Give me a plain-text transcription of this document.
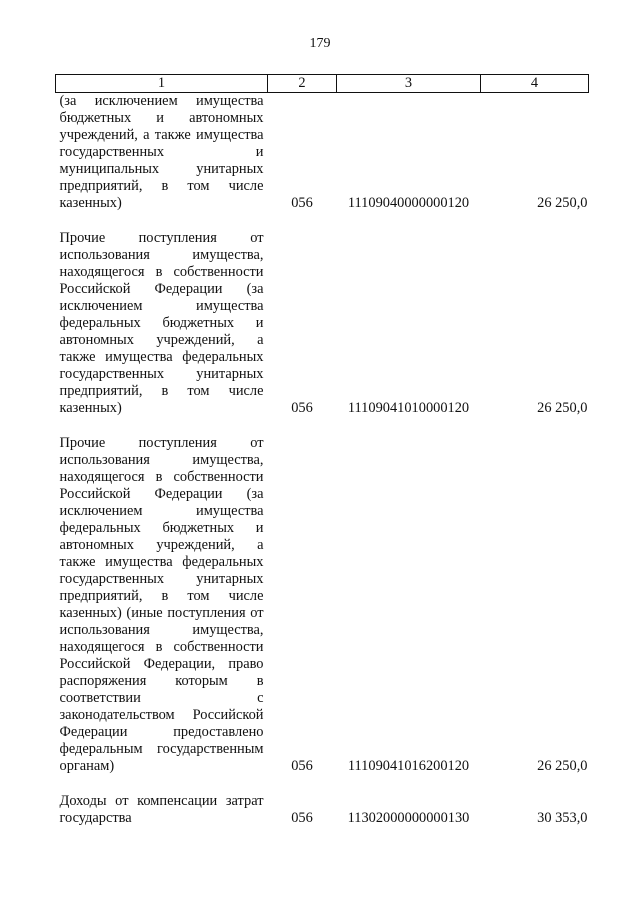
179
1	2	3	4
(за исключением имущества бюджетных и автономных учреждений, а также имущества государственных и муниципальных унитарных предприятий, в том числе казенных)	056	11109040000000120	26 250,0

Прочие поступления от использования имущества, находящегося в собственности Российской Федерации (за исключением имущества федеральных бюджетных и автономных учреждений, а также имущества федеральных государственных унитарных предприятий, в том числе казенных)	056	11109041010000120	26 250,0

Прочие поступления от использования имущества, находящегося в собственности Российской Федерации (за исключением имущества федеральных бюджетных и автономных учреждений, а также имущества федеральных государственных унитарных предприятий, в том числе казенных) (иные поступления от использования имущества, находящегося в собственности Российской Федерации, право распоряжения которым в соответствии с законодательством Российской Федерации предоставлено федеральным государственным органам)	056	11109041016200120	26 250,0

Доходы от компенсации затрат государства	056	11302000000000130	30 353,0
